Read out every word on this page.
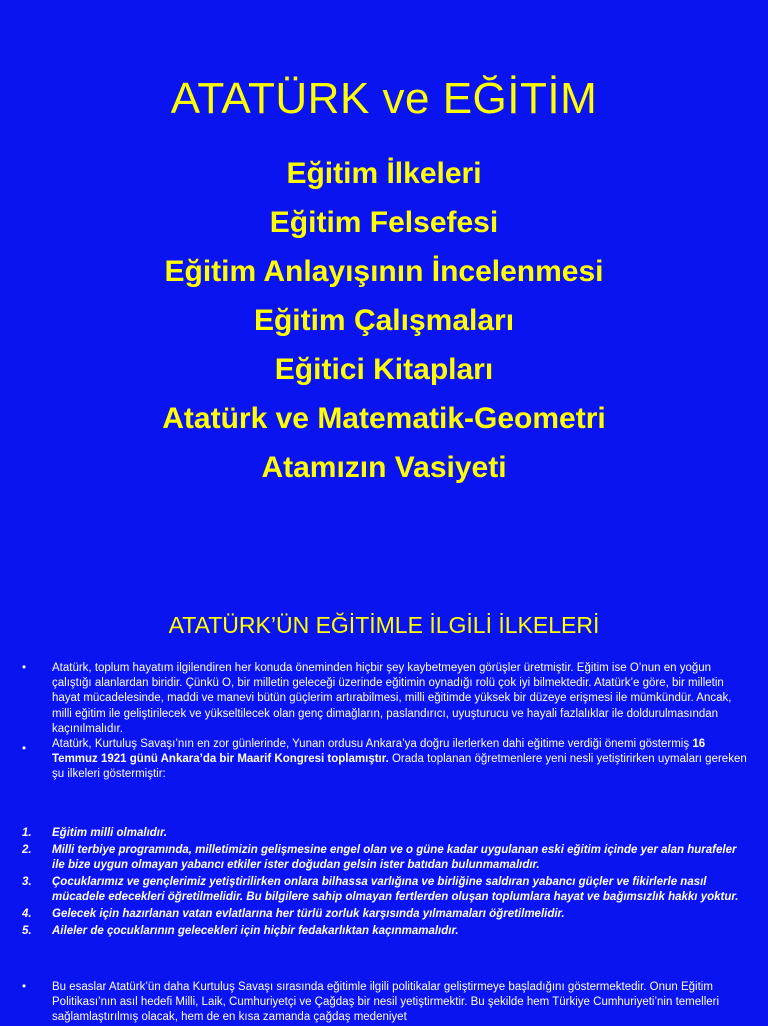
ATATÜRK ve EĞİTİM
Eğitim İlkeleri
Eğitim Felsefesi
Eğitim Anlayışının İncelenmesi
Eğitim Çalışmaları
Eğitici Kitapları
Atatürk ve Matematik-Geometri
Atamızın Vasiyeti
ATATÜRK’ÜN EĞİTİMLE İLGİLİ İLKELERİ
• Atatürk, toplum hayatım ilgilendiren her konuda öneminden hiçbir şey kaybetmeyen görüşler üretmiştir. Eğitim ise O’nun en yoğun çalıştığı alanlardan biridir. Çünkü O, bir milletin geleceği üzerinde eğitimin oynadığı rolü çok iyi bilmektedir. Atatürk’e göre, bir milletin hayat mücadelesinde, maddi ve manevi bütün güçlerim artırabilmesi, milli eğitimde yüksek bir düzeye erişmesi ile mümkündür. Ancak, milli eğitim ile geliştirilecek ve yükseltilecek olan genç dimağların, paslandırıcı, uyuşturucu ve hayali fazlalıklar ile doldurulmasından kaçınılmalıdır.
•	Atatürk, Kurtuluş Savaşı’nın en zor günlerinde, Yunan ordusu Ankara’ya doğru ilerlerken dahi eğitime verdiği önemi göstermiş 16 Temmuz 1921 günü Ankara’da bir Maarif Kongresi toplamıştır. Orada toplanan öğretmenlere yeni nesli yetiştirirken uymaları gereken şu ilkeleri göstermiştir:
1. Eğitim milli olmalıdır.
2. Milli terbiye programında, milletimizin gelişmesine engel olan ve o güne kadar uygulanan eski eğitim içinde yer alan hurafeler ile bize uygun olmayan yabancı etkiler ister doğudan gelsin ister batıdan bulunmamalıdır.
3. Çocuklarımız ve gençlerimiz yetiştirilirken onlara bilhassa varlığına ve birliğine saldıran yabancı güçler ve fikirlerle nasıl mücadele edecekleri öğretilmelidir. Bu bilgilere sahip olmayan fertlerden oluşan toplumlara hayat ve bağımsızlık hakkı yoktur.
4. Gelecek için hazırlanan vatan evlatlarına her türlü zorluk karşısında yılmamaları öğretilmelidir.
5. Aileler de çocuklarının gelecekleri için hiçbir fedakarlıktan kaçınmamalıdır.
• Bu esaslar Atatürk’ün daha Kurtuluş Savaşı sırasında eğitimle ilgili politikalar geliştirmeye başladığını göstermektedir. Onun Eğitim Politikası’nın asıl hedefi Milli, Laik, Cumhuriyetçi ve Çağdaş bir nesil yetiştirmektir. Bu şekilde hem Türkiye Cumhuriyeti’nin temelleri sağlamlaştırılmış olacak, hem de en kısa zamanda çağdaş medeniyet
